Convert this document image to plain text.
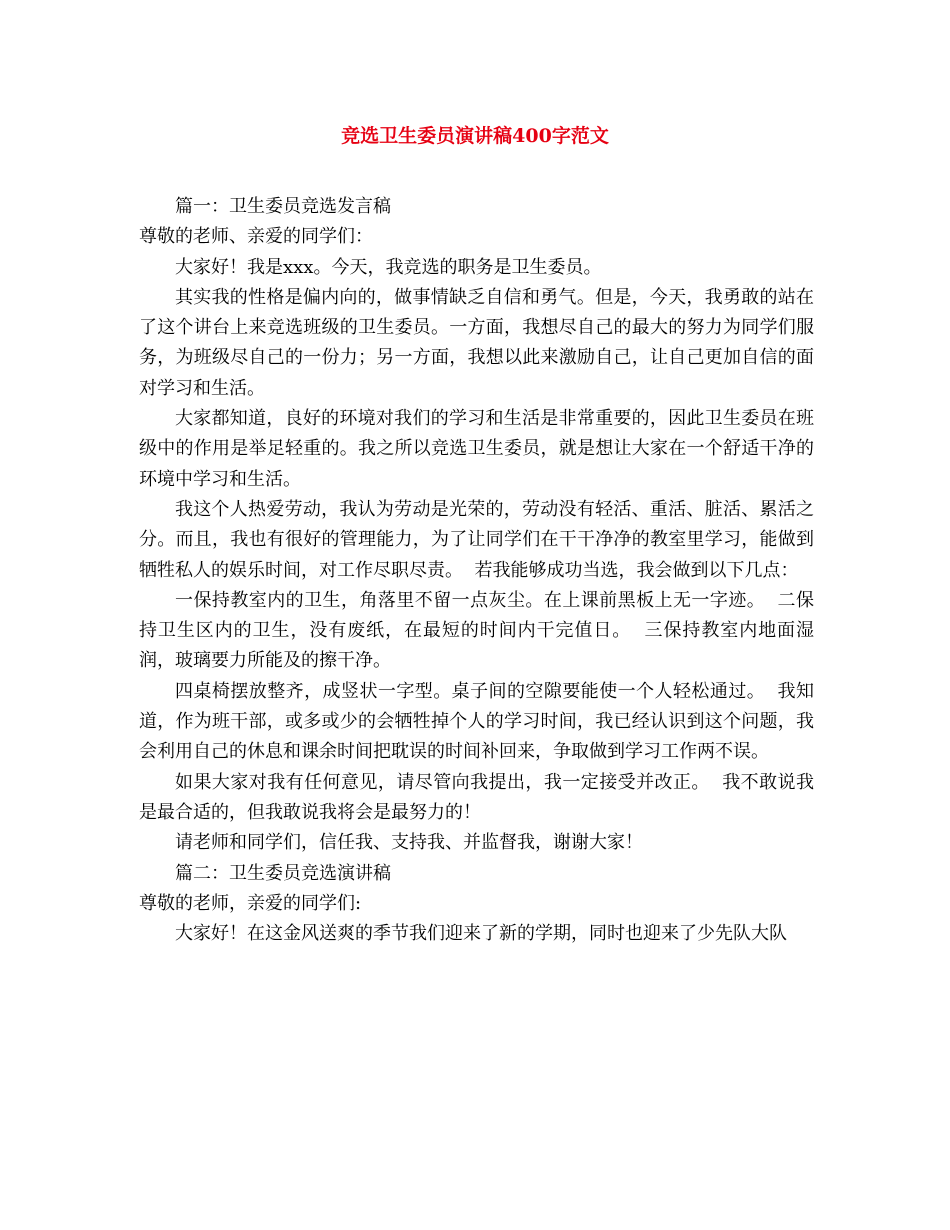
竞选卫生委员演讲稿400字范文

篇一：卫生委员竞选发言稿

尊敬的老师、亲爱的同学们：

大家好！我是xxx。今天，我竞选的职务是卫生委员。

其实我的性格是偏内向的，做事情缺乏自信和勇气。但是，今天，我勇敢的站在了这个讲台上来竞选班级的卫生委员。一方面，我想尽自己的最大的努力为同学们服务，为班级尽自己的一份力；另一方面，我想以此来激励自己，让自己更加自信的面对学习和生活。

大家都知道，良好的环境对我们的学习和生活是非常重要的，因此卫生委员在班级中的作用是举足轻重的。我之所以竞选卫生委员，就是想让大家在一个舒适干净的环境中学习和生活。

我这个人热爱劳动，我认为劳动是光荣的，劳动没有轻活、重活、脏活、累活之分。而且，我也有很好的管理能力，为了让同学们在干干净净的教室里学习，能做到牺牲私人的娱乐时间，对工作尽职尽责。  若我能够成功当选，我会做到以下几点：

一保持教室内的卫生，角落里不留一点灰尘。在上课前黑板上无一字迹。  二保持卫生区内的卫生，没有废纸，在最短的时间内干完值日。  三保持教室内地面湿润，玻璃要力所能及的擦干净。

四桌椅摆放整齐，成竖状一字型。桌子间的空隙要能使一个人轻松通过。  我知道，作为班干部，或多或少的会牺牲掉个人的学习时间，我已经认识到这个问题，我会利用自己的休息和课余时间把耽误的时间补回来，争取做到学习工作两不误。

如果大家对我有任何意见，请尽管向我提出，我一定接受并改正。  我不敢说我是最合适的，但我敢说我将会是最努力的！

请老师和同学们，信任我、支持我、并监督我，谢谢大家！

篇二：卫生委员竞选演讲稿

尊敬的老师，亲爱的同学们:

大家好！在这金风送爽的季节我们迎来了新的学期，同时也迎来了少先队大队
